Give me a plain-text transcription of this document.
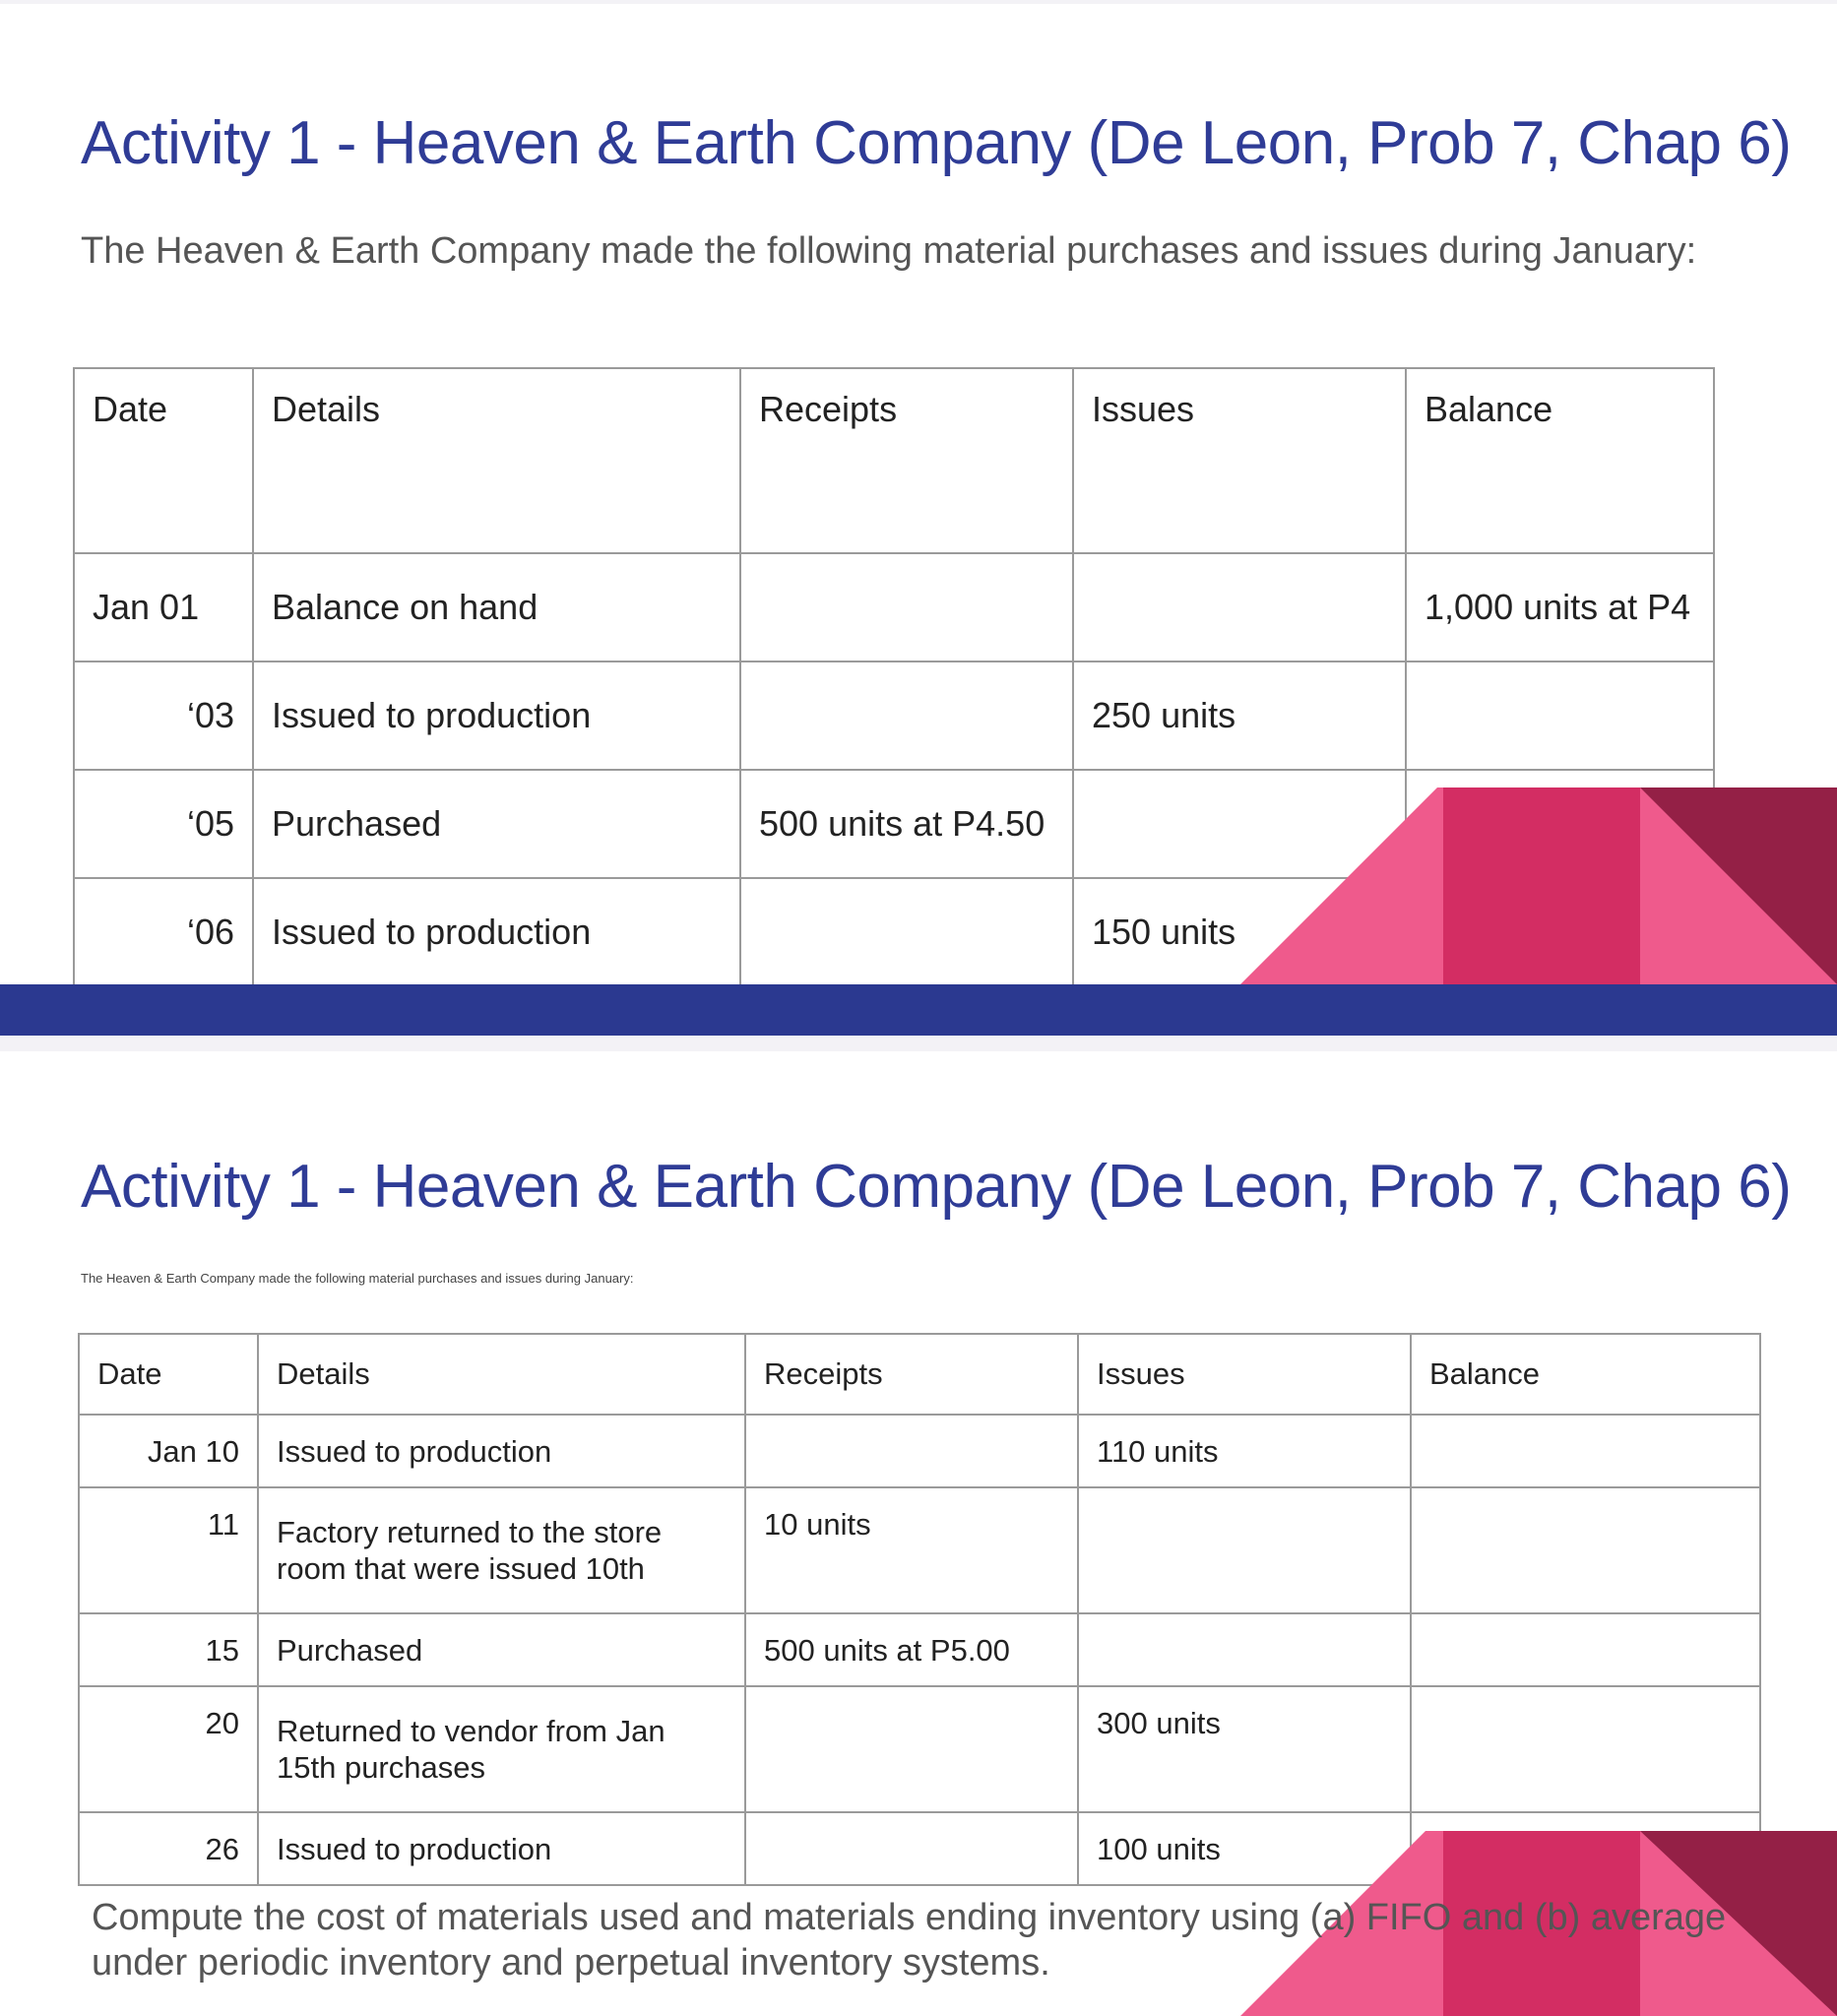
Activity 1 - Heaven & Earth Company (De Leon, Prob 7, Chap 6)

The Heaven & Earth Company made the following material purchases and issues during January:

Date	Details	Receipts	Issues	Balance
Jan 01	Balance on hand			1,000 units at P4
‘03	Issued to production		250 units	
‘05	Purchased	500 units at P4.50		
‘06	Issued to production		150 units	
Activity 1 - Heaven & Earth Company (De Leon, Prob 7, Chap 6)

The Heaven & Earth Company made the following material purchases and issues during January:

Date	Details	Receipts	Issues	Balance
Jan 10	Issued to production		110 units	
11	Factory returned to the store room that were issued 10th	10 units		
15	Purchased	500 units at P5.00		
20	Returned to vendor from Jan 15th purchases		300 units	
26	Issued to production		100 units	

Compute the cost of materials used and materials ending inventory using (a) FIFO and (b) average under periodic inventory and perpetual inventory systems.
